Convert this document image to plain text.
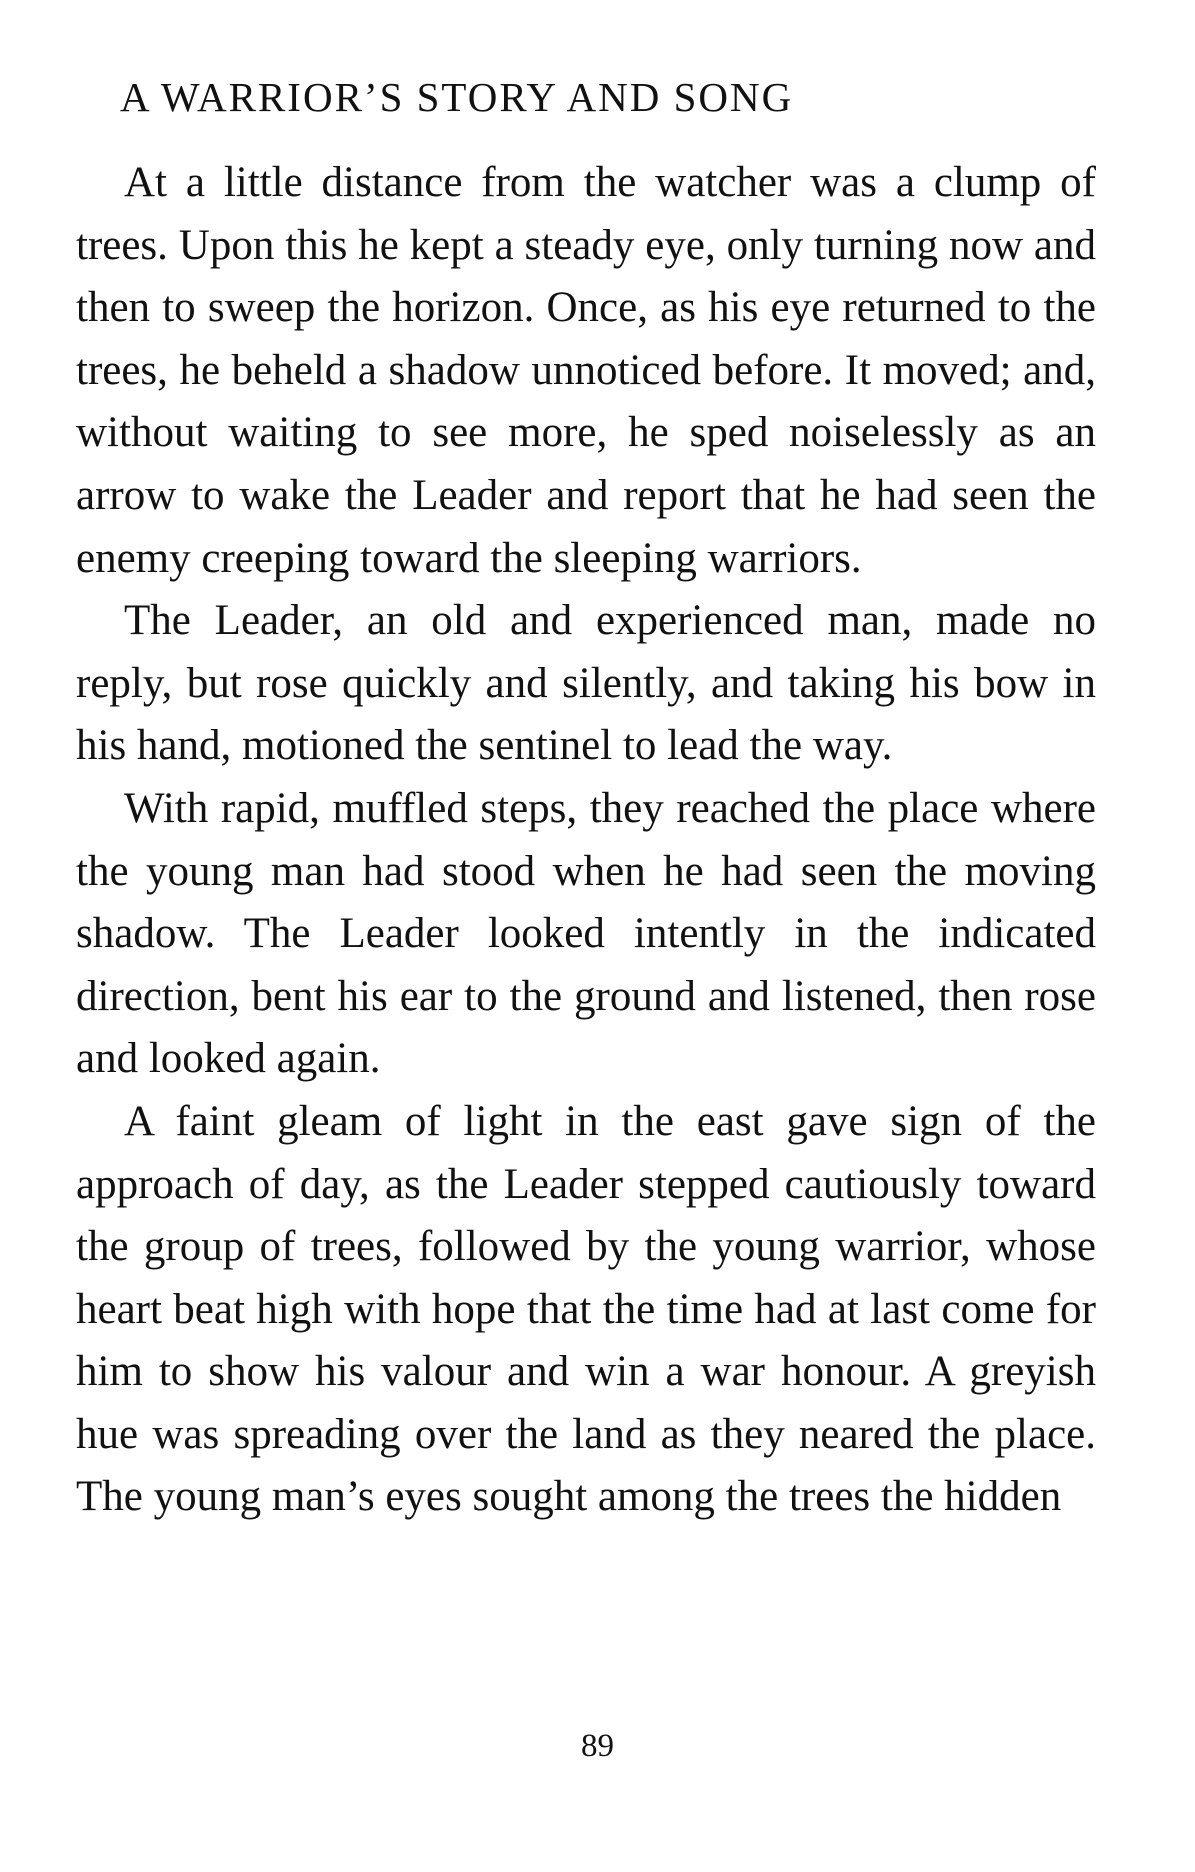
A WARRIOR’S STORY AND SONG

At a little distance from the watcher was a clump of trees. Upon this he kept a steady eye, only turning now and then to sweep the horizon. Once, as his eye returned to the trees, he beheld a shadow unnoticed before. It moved; and, without waiting to see more, he sped noiselessly as an arrow to wake the Leader and report that he had seen the enemy creeping toward the sleeping warriors.

The Leader, an old and experienced man, made no reply, but rose quickly and silently, and taking his bow in his hand, motioned the sentinel to lead the way.

With rapid, muffled steps, they reached the place where the young man had stood when he had seen the moving shadow. The Leader looked intently in the indicated direction, bent his ear to the ground and listened, then rose and looked again.

A faint gleam of light in the east gave sign of the approach of day, as the Leader stepped cautiously toward the group of trees, followed by the young warrior, whose heart beat high with hope that the time had at last come for him to show his valour and win a war honour. A greyish hue was spreading over the land as they neared the place. The young man’s eyes sought among the trees the hidden

89
